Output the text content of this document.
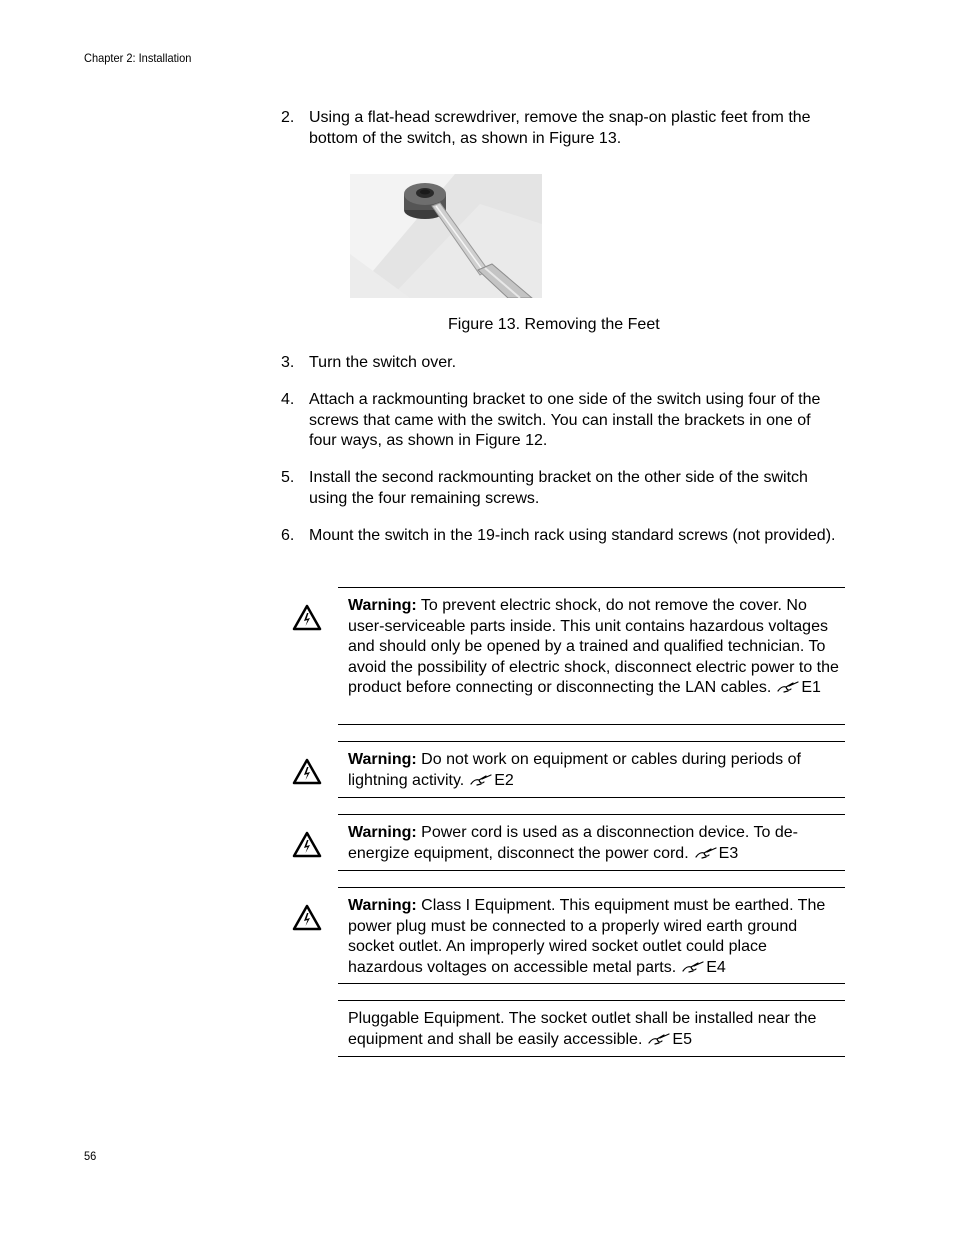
Chapter 2: Installation
2. Using a flat-head screwdriver, remove the snap-on plastic feet from the bottom of the switch, as shown in Figure 13.
Figure 13. Removing the Feet
3. Turn the switch over.
4. Attach a rackmounting bracket to one side of the switch using four of the screws that came with the switch. You can install the brackets in one of four ways, as shown in Figure 12.
5. Install the second rackmounting bracket on the other side of the switch using the four remaining screws.
6. Mount the switch in the 19-inch rack using standard screws (not provided).
Warning: To prevent electric shock, do not remove the cover. No user-serviceable parts inside. This unit contains hazardous voltages and should only be opened by a trained and qualified technician. To avoid the possibility of electric shock, disconnect electric power to the product before connecting or disconnecting the LAN cables. E1
Warning: Do not work on equipment or cables during periods of lightning activity. E2
Warning: Power cord is used as a disconnection device. To de-energize equipment, disconnect the power cord. E3
Warning: Class I Equipment. This equipment must be earthed. The power plug must be connected to a properly wired earth ground socket outlet. An improperly wired socket outlet could place hazardous voltages on accessible metal parts. E4
Pluggable Equipment. The socket outlet shall be installed near the equipment and shall be easily accessible. E5
56
